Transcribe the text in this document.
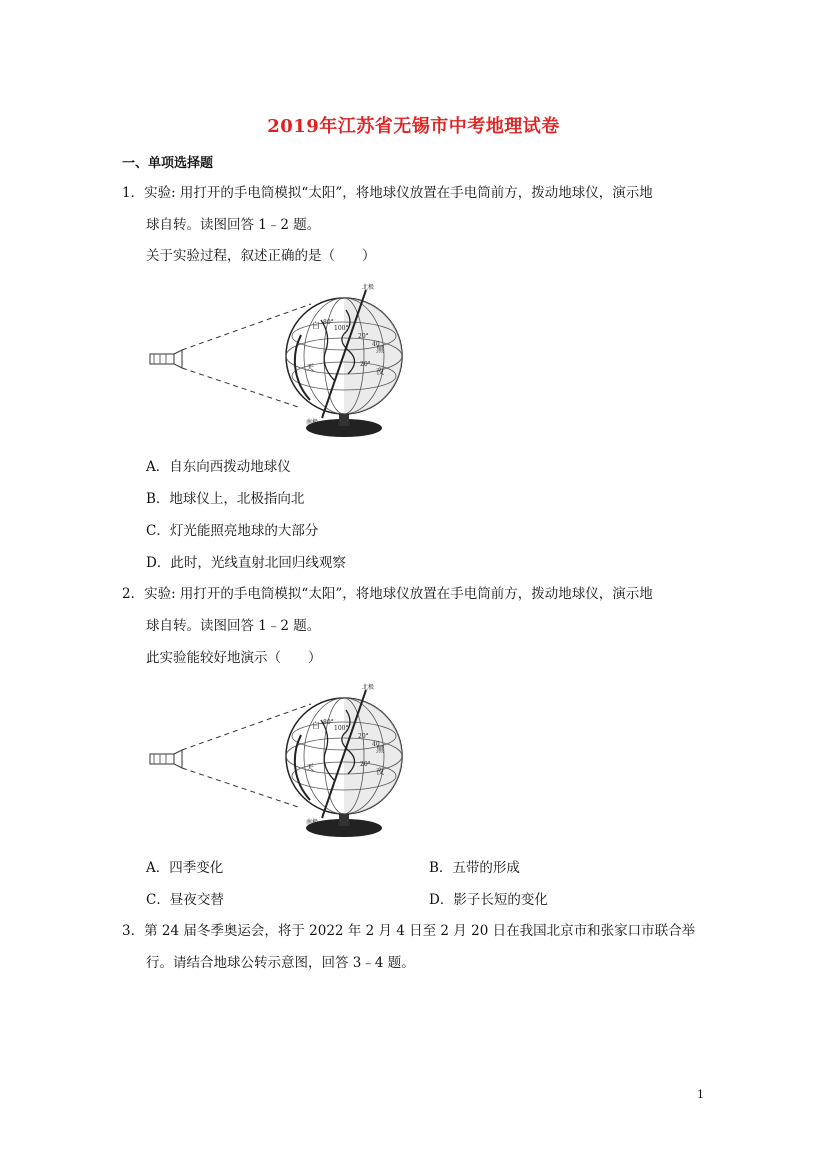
2019年江苏省无锡市中考地理试卷
一、单项选择题
1．实验: 用打开的手电筒模拟“太阳”，将地球仪放置在手电筒前方，拨动地球仪，演示地
球自转。读图回答 1﹣2 题。
关于实验过程，叙述正确的是（　　）
白
天
黑
夜
80°
100°
20°
40
20°
北极
南极
A．自东向西拨动地球仪
B．地球仪上，北极指向北
C．灯光能照亮地球的大部分
D．此时，光线直射北回归线观察
2．实验: 用打开的手电筒模拟“太阳”，将地球仪放置在手电筒前方，拨动地球仪，演示地
球自转。读图回答 1﹣2 题。
此实验能较好地演示（　　）
白
天
黑
夜
80°
100°
20°
40
20°
北极
南极
A．四季变化	B．五带的形成
C．昼夜交替	D．影子长短的变化
3．第 24 届冬季奥运会，将于 2022 年 2 月 4 日至 2 月 20 日在我国北京市和张家口市联合举
行。请结合地球公转示意图，回答 3﹣4 题。
1
